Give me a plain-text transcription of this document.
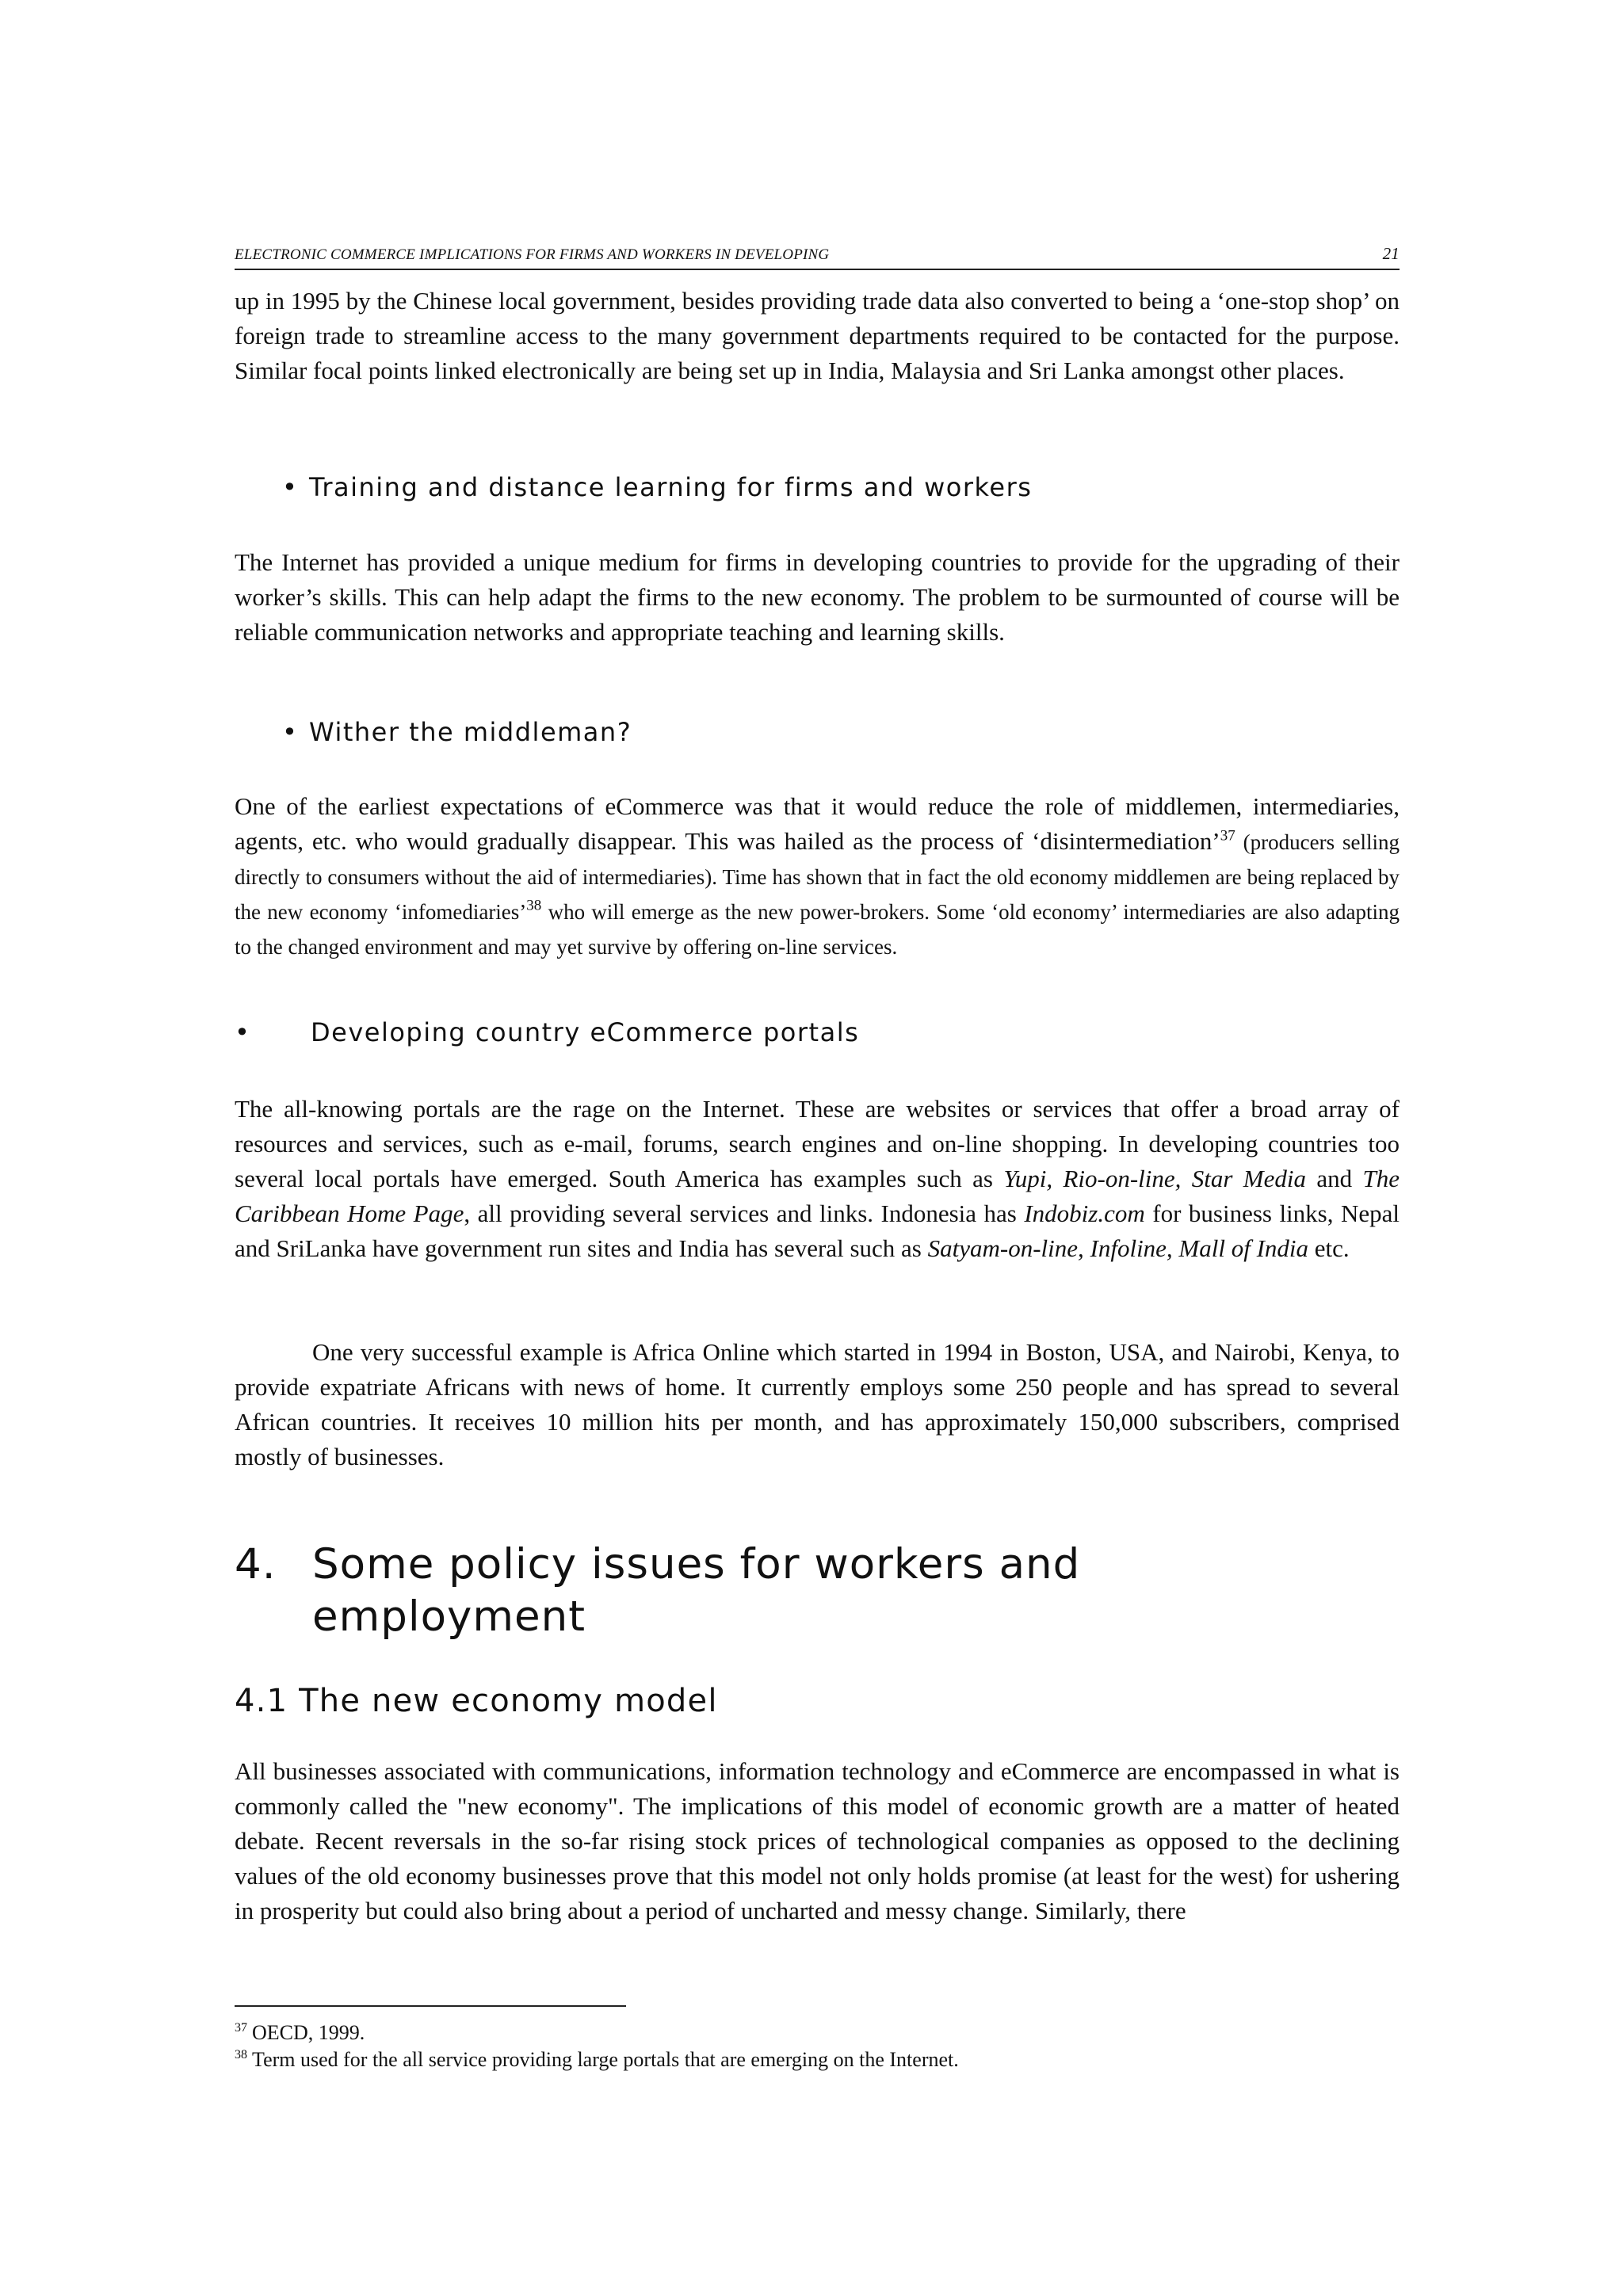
ELECTRONIC COMMERCE IMPLICATIONS FOR FIRMS AND WORKERS IN DEVELOPING	21

up in 1995 by the Chinese local government, besides providing trade data also converted to being a ‘one-stop shop’ on foreign trade to streamline access to the many government departments required to be contacted for the purpose. Similar focal points linked electronically are being set up in India, Malaysia and Sri Lanka amongst other places.

• Training and distance learning for firms and workers

The Internet has provided a unique medium for firms in developing countries to provide for the upgrading of their worker’s skills. This can help adapt the firms to the new economy. The problem to be surmounted of course will be reliable communication networks and appropriate teaching and learning skills.

• Wither the middleman?

One of the earliest expectations of eCommerce was that it would reduce the role of middlemen, intermediaries, agents, etc. who would gradually disappear. This was hailed as the process of ‘disintermediation’$^{37}$ (producers selling directly to consumers without the aid of intermediaries). Time has shown that in fact the old economy middlemen are being replaced by the new economy ‘infomediaries’$^{38}$ who will emerge as the new power-brokers. Some ‘old economy’ intermediaries are also adapting to the changed environment and may yet survive by offering on-line services.

• Developing country eCommerce portals

The all-knowing portals are the rage on the Internet. These are websites or services that offer a broad array of resources and services, such as e-mail, forums, search engines and on-line shopping. In developing countries too several local portals have emerged. South America has examples such as Yupi, Rio-on-line, Star Media and The Caribbean Home Page, all providing several services and links. Indonesia has Indobiz.com for business links, Nepal and SriLanka have government run sites and India has several such as Satyam-on-line, Infoline, Mall of India etc.

One very successful example is Africa Online which started in 1994 in Boston, USA, and Nairobi, Kenya, to provide expatriate Africans with news of home. It currently employs some 250 people and has spread to several African countries. It receives 10 million hits per month, and has approximately 150,000 subscribers, comprised mostly of businesses.

4. Some policy issues for workers and
employment
4.1 The new economy model

All businesses associated with communications, information technology and eCommerce are encompassed in what is commonly called the "new economy". The implications of this model of economic growth are a matter of heated debate. Recent reversals in the so-far rising stock prices of technological companies as opposed to the declining values of the old economy businesses prove that this model not only holds promise (at least for the west) for ushering in prosperity but could also bring about a period of uncharted and messy change. Similarly, there

$^{37}$ OECD, 1999.
$^{38}$ Term used for the all service providing large portals that are emerging on the Internet.
